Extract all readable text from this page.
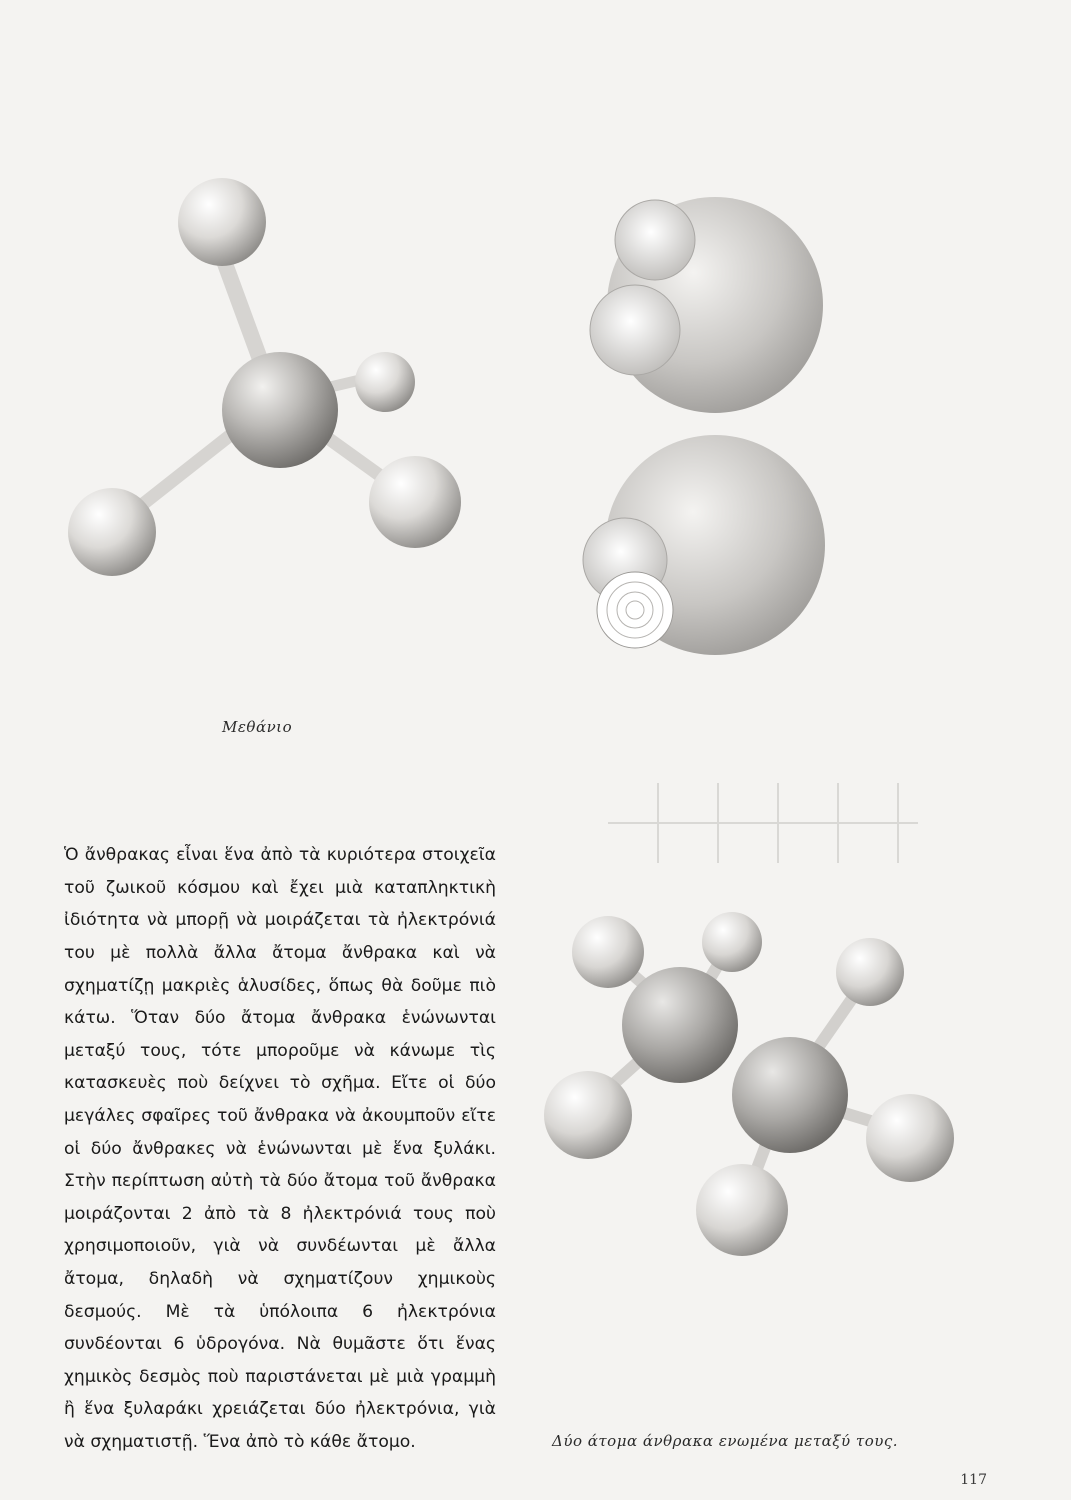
Μεθάνιο
Δύο άτομα άνθρακα ενωμένα μεταξύ τους.

Ὁ ἄνθρακας εἶναι ἕνα ἀπὸ τὰ κυριότερα στοιχεῖα τοῦ ζωικοῦ κόσμου καὶ ἔχει μιὰ καταπληκτικὴ ἰδιότητα νὰ μπορῇ νὰ μοιράζεται τὰ ἠλεκτρόνιά του μὲ πολλὰ ἄλλα ἄτομα ἄνθρακα καὶ νὰ σχηματίζῃ μακριὲς ἁλυσίδες, ὅπως θὰ δοῦμε πιὸ κάτω. Ὅταν δύο ἄτομα ἄνθρακα ἑνώνωνται μεταξύ τους, τότε μποροῦμε νὰ κάνωμε τὶς κατασκευὲς ποὺ δείχνει τὸ σχῆμα. Εἴτε οἱ δύο μεγάλες σφαῖρες τοῦ ἄνθρακα νὰ ἀκουμποῦν εἴτε οἱ δύο ἄνθρακες νὰ ἑνώνωνται μὲ ἕνα ξυλάκι. Στὴν περίπτωση αὐτὴ τὰ δύο ἄτομα τοῦ ἄνθρακα μοιράζονται 2 ἀπὸ τὰ 8 ἠλεκτρόνιά τους ποὺ χρησιμοποιοῦν, γιὰ νὰ συνδέωνται μὲ ἄλλα ἄτομα, δηλαδὴ νὰ σχηματίζουν χημικοὺς δεσμούς. Μὲ τὰ ὑπόλοιπα 6 ἠλεκτρόνια συνδέονται 6 ὑδρογόνα. Νὰ θυμᾶστε ὅτι ἕνας χημικὸς δεσμὸς ποὺ παριστάνεται μὲ μιὰ γραμμὴ ἢ ἕνα ξυλαράκι χρειάζεται δύο ἠλεκτρόνια, γιὰ νὰ σχηματιστῇ. Ἕνα ἀπὸ τὸ κάθε ἄτομο.

117
